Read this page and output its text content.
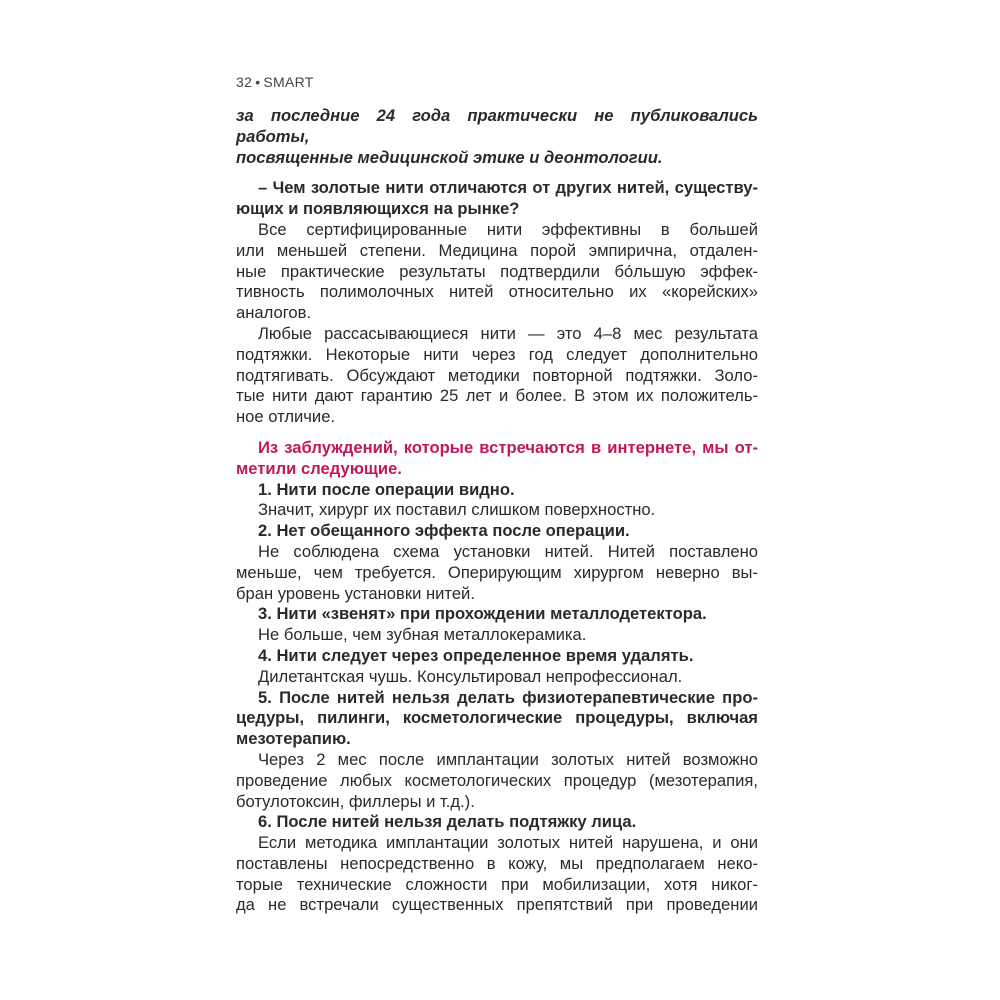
32 • SMART
за последние 24 года практически не публиковались работы,
посвященные медицинской этике и деонтологии.
– Чем золотые нити отличаются от других нитей, существу-
ющих и появляющихся на рынке?
Все сертифицированные нити эффективны в большей
или меньшей степени. Медицина порой эмпирична, отдален-
ные практические результаты подтвердили бóльшую эффек-
тивность полимолочных нитей относительно их «корейских»
аналогов.
Любые рассасывающиеся нити — это 4–8 мес результата
подтяжки. Некоторые нити через год следует дополнительно
подтягивать. Обсуждают методики повторной подтяжки. Золо-
тые нити дают гарантию 25 лет и более. В этом их положитель-
ное отличие.
Из заблуждений, которые встречаются в интернете, мы от-
метили следующие.
1. Нити после операции видно.
Значит, хирург их поставил слишком поверхностно.
2. Нет обещанного эффекта после операции.
Не соблюдена схема установки нитей. Нитей поставлено
меньше, чем требуется. Оперирующим хирургом неверно вы-
бран уровень установки нитей.
3. Нити «звенят» при прохождении металлодетектора.
Не больше, чем зубная металлокерамика.
4. Нити следует через определенное время удалять.
Дилетантская чушь. Консультировал непрофессионал.
5. После нитей нельзя делать физиотерапевтические про-
цедуры, пилинги, косметологические процедуры, включая
мезотерапию.
Через 2 мес после имплантации золотых нитей возможно
проведение любых косметологических процедур (мезотерапия,
ботулотоксин, филлеры и т.д.).
6. После нитей нельзя делать подтяжку лица.
Если методика имплантации золотых нитей нарушена, и они
поставлены непосредственно в кожу, мы предполагаем неко-
торые технические сложности при мобилизации, хотя никог-
да не встречали существенных препятствий при проведении
